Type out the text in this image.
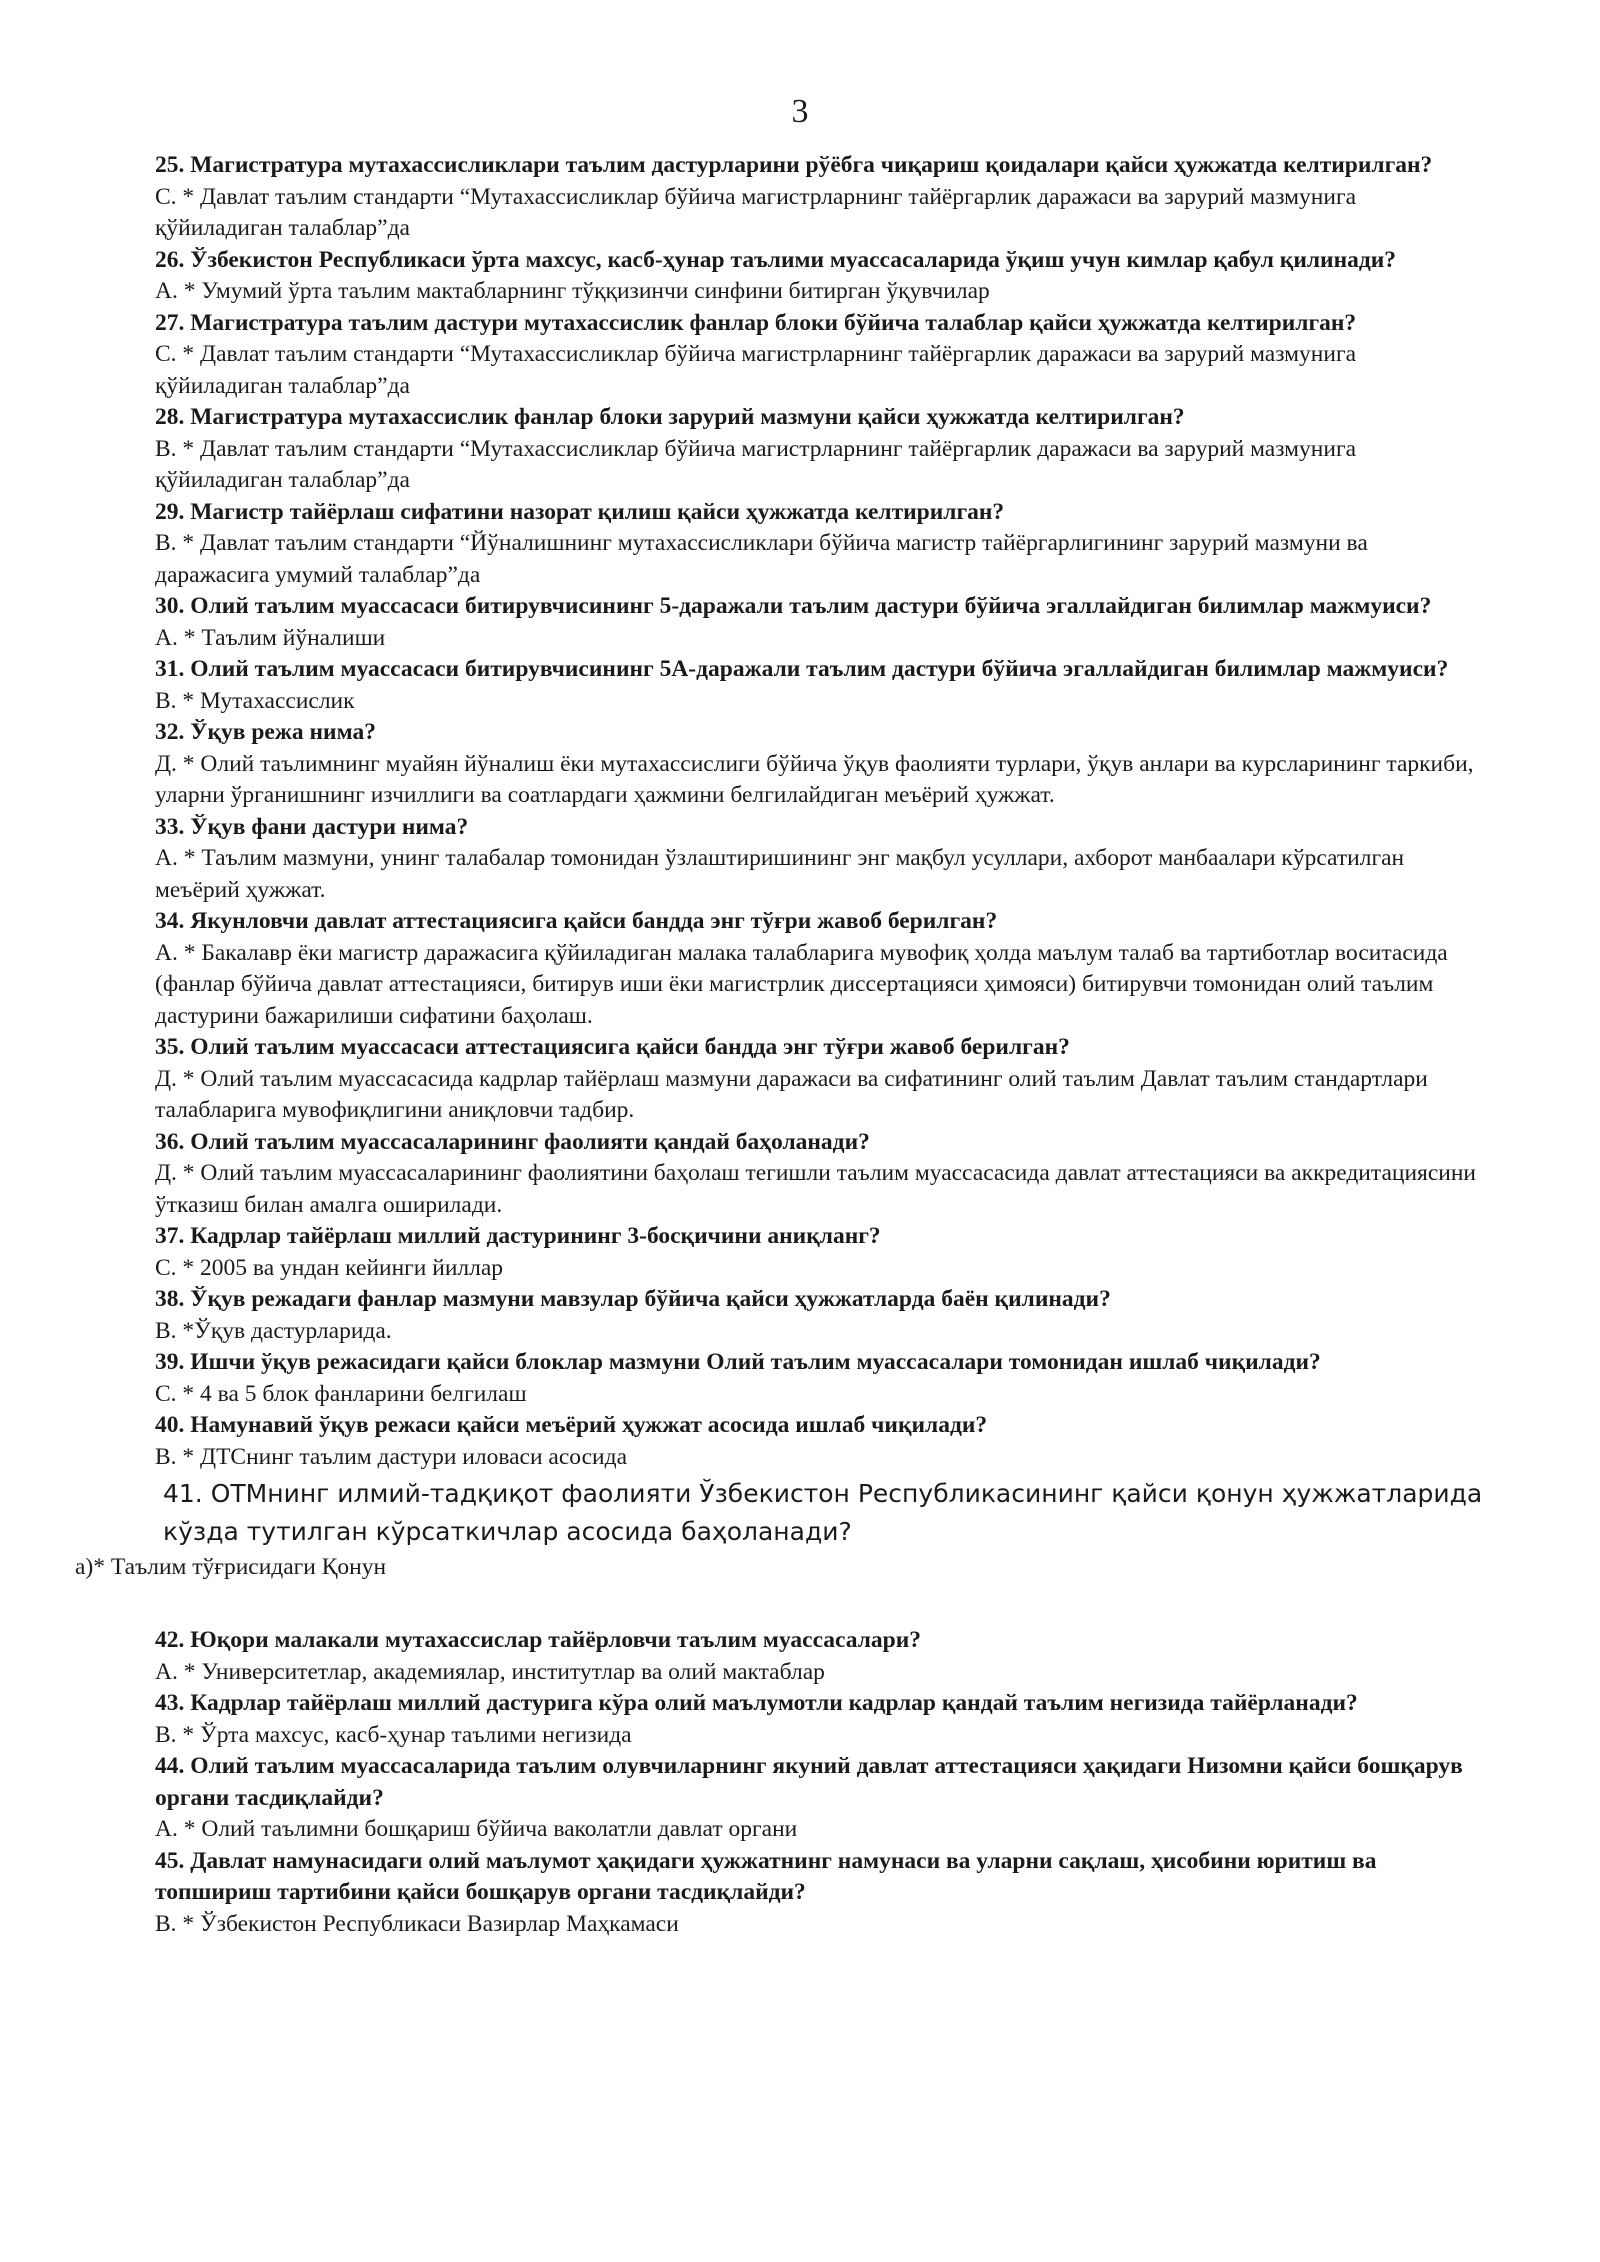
3

25. Магистратура мутахассисликлари таълим дастурларини рўёбга чиқариш қоидалари қайси ҳужжатда келтирилган?

C. * Давлат таълим стандарти “Мутахассисликлар бўйича магистрларнинг тайёргарлик даражаси ва зарурий мазмунига қўйиладиган талаблар”да

26. Ўзбекистон Республикаси ўрта махсус, касб-ҳунар таълими муассасаларида ўқиш учун кимлар қабул қилинади?

A. * Умумий ўрта таълим мактабларнинг тўққизинчи синфини битирган ўқувчилар

27. Магистратура таълим дастури мутахассислик фанлар блоки бўйича талаблар қайси ҳужжатда келтирилган?

C. * Давлат таълим стандарти “Мутахассисликлар бўйича магистрларнинг тайёргарлик даражаси ва зарурий мазмунига қўйиладиган талаблар”да

28. Магистратура мутахассислик фанлар блоки зарурий мазмуни қайси ҳужжатда келтирилган?

B. * Давлат таълим стандарти “Мутахассисликлар бўйича магистрларнинг тайёргарлик даражаси ва зарурий мазмунига қўйиладиган талаблар”да

29. Магистр тайёрлаш сифатини назорат қилиш қайси ҳужжатда келтирилган?

B. * Давлат таълим стандарти “Йўналишнинг мутахассисликлари бўйича магистр тайёргарлигининг зарурий мазмуни ва даражасига умумий талаблар”да

30. Олий таълим муассасаси битирувчисининг 5-даражали таълим дастури бўйича эгаллайдиган билимлар мажмуиси?

A. * Таълим йўналиши

31. Олий таълим муассасаси битирувчисининг 5А-даражали таълим дастури бўйича эгаллайдиган билимлар мажмуиси?

B. * Мутахассислик

32. Ўқув режа нима?

Д. * Олий таълимнинг муайян йўналиш ёки мутахассислиги бўйича ўқув фаолияти турлари, ўқув анлари ва курсларининг таркиби, уларни ўрганишнинг изчиллиги ва соатлардаги ҳажмини белгилайдиган меъёрий ҳужжат.

33. Ўқув фани дастури нима?

A. * Таълим мазмуни, унинг талабалар томонидан ўзлаштиришининг энг мақбул усуллари, ахборот манбаалари кўрсатилган меъёрий ҳужжат.

34. Якунловчи давлат аттестациясига қайси бандда энг тўғри жавоб берилган?

A. * Бакалавр ёки магистр даражасига қўйиладиган малака талабларига мувофиқ ҳолда маълум талаб ва тартиботлар воситасида (фанлар бўйича давлат аттестацияси, битирув иши ёки магистрлик диссертацияси ҳимояси) битирувчи томонидан олий таълим дастурини бажарилиши сифатини баҳолаш.

35. Олий таълим муассасаси аттестациясига қайси бандда энг тўғри жавоб берилган?

Д. * Олий таълим муассасасида кадрлар тайёрлаш мазмуни даражаси ва сифатининг олий таълим Давлат таълим стандартлари талабларига мувофиқлигини аниқловчи тадбир.

36. Олий таълим муассасаларининг фаолияти қандай баҳоланади?

Д. * Олий таълим муассасаларининг фаолиятини баҳолаш тегишли таълим муассасасида давлат аттестацияси ва аккредитациясини ўтказиш билан амалга оширилади.

37. Кадрлар тайёрлаш миллий дастурининг 3-босқичини аниқланг?

C. * 2005 ва ундан кейинги йиллар

38. Ўқув режадаги фанлар мазмуни мавзулар бўйича қайси ҳужжатларда баён қилинади?

B. *Ўқув дастурларида.

39. Ишчи ўқув режасидаги қайси блоклар мазмуни Олий таълим муассасалари томонидан ишлаб чиқилади?

C. * 4 ва 5 блок фанларини белгилаш

40. Намунавий ўқув режаси қайси меъёрий ҳужжат асосида ишлаб чиқилади?

B. * ДТСнинг таълим дастури иловаси асосида

41. ОТМнинг илмий-тадқиқот фаолияти Ўзбекистон Республикасининг қайси қонун ҳужжатларида кўзда тутилган кўрсаткичлар асосида баҳоланади?

а)* Таълим тўғрисидаги Қонун

42. Юқори малакали мутахассислар тайёрловчи таълим муассасалари?

A. * Университетлар, академиялар, институтлар ва олий мактаблар

43. Кадрлар тайёрлаш миллий дастурига кўра олий маълумотли кадрлар қандай таълим негизида тайёрланади?

B. * Ўрта махсус, касб-ҳунар таълими негизида

44. Олий таълим муассасаларида таълим олувчиларнинг якуний давлат аттестацияси ҳақидаги Низомни қайси бошқарув органи тасдиқлайди?

A. * Олий таълимни бошқариш бўйича ваколатли давлат органи

45. Давлат намунасидаги олий маълумот ҳақидаги ҳужжатнинг намунаси ва уларни сақлаш, ҳисобини юритиш ва топшириш тартибини қайси бошқарув органи тасдиқлайди?

B. * Ўзбекистон Республикаси Вазирлар Маҳкамаси
